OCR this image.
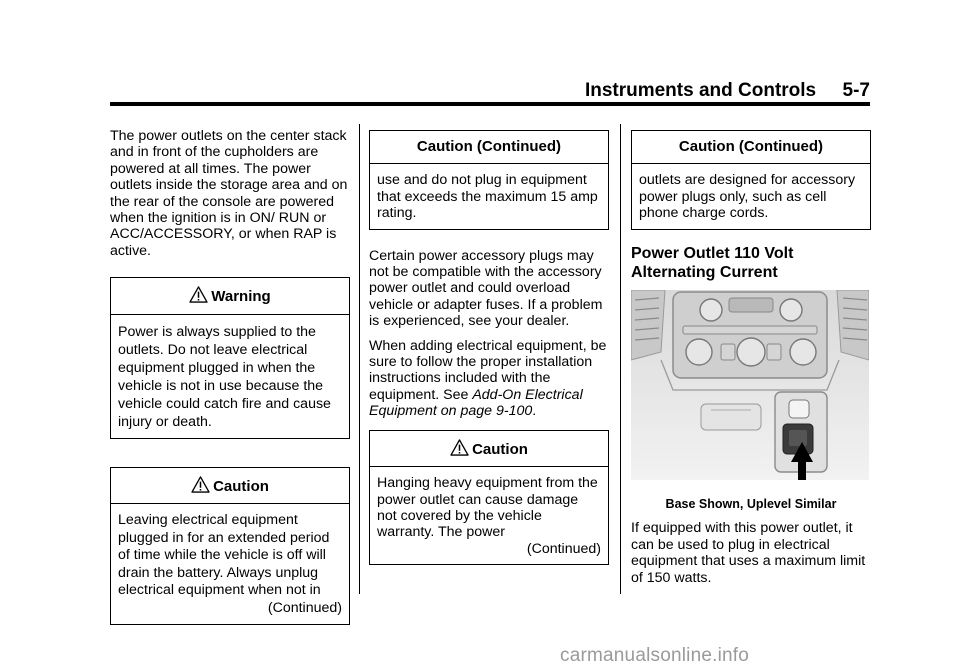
Instruments and Controls 5-7

The power outlets on the center stack and in front of the cupholders are powered at all times. The power outlets inside the storage area and on the rear of the console are powered when the ignition is in ON/ RUN or ACC/ACCESSORY, or when RAP is active.

Warning
Power is always supplied to the outlets. Do not leave electrical equipment plugged in when the vehicle is not in use because the vehicle could catch fire and cause injury or death.
Caution
Leaving electrical equipment plugged in for an extended period of time while the vehicle is off will drain the battery. Always unplug electrical equipment when not in
(Continued)
Caution (Continued)
use and do not plug in equipment that exceeds the maximum 15 amp rating.

Certain power accessory plugs may not be compatible with the accessory power outlet and could overload vehicle or adapter fuses. If a problem is experienced, see your dealer.

When adding electrical equipment, be sure to follow the proper installation instructions included with the equipment. See Add-On Electrical Equipment on page 9-100.

Caution
Hanging heavy equipment from the power outlet can cause damage not covered by the vehicle warranty. The power
(Continued)
Caution (Continued)
outlets are designed for accessory power plugs only, such as cell phone charge cords.
Power Outlet 110 Volt Alternating Current
Base Shown, Uplevel Similar

If equipped with this power outlet, it can be used to plug in electrical equipment that uses a maximum limit of 150 watts.

carmanualsonline.info
